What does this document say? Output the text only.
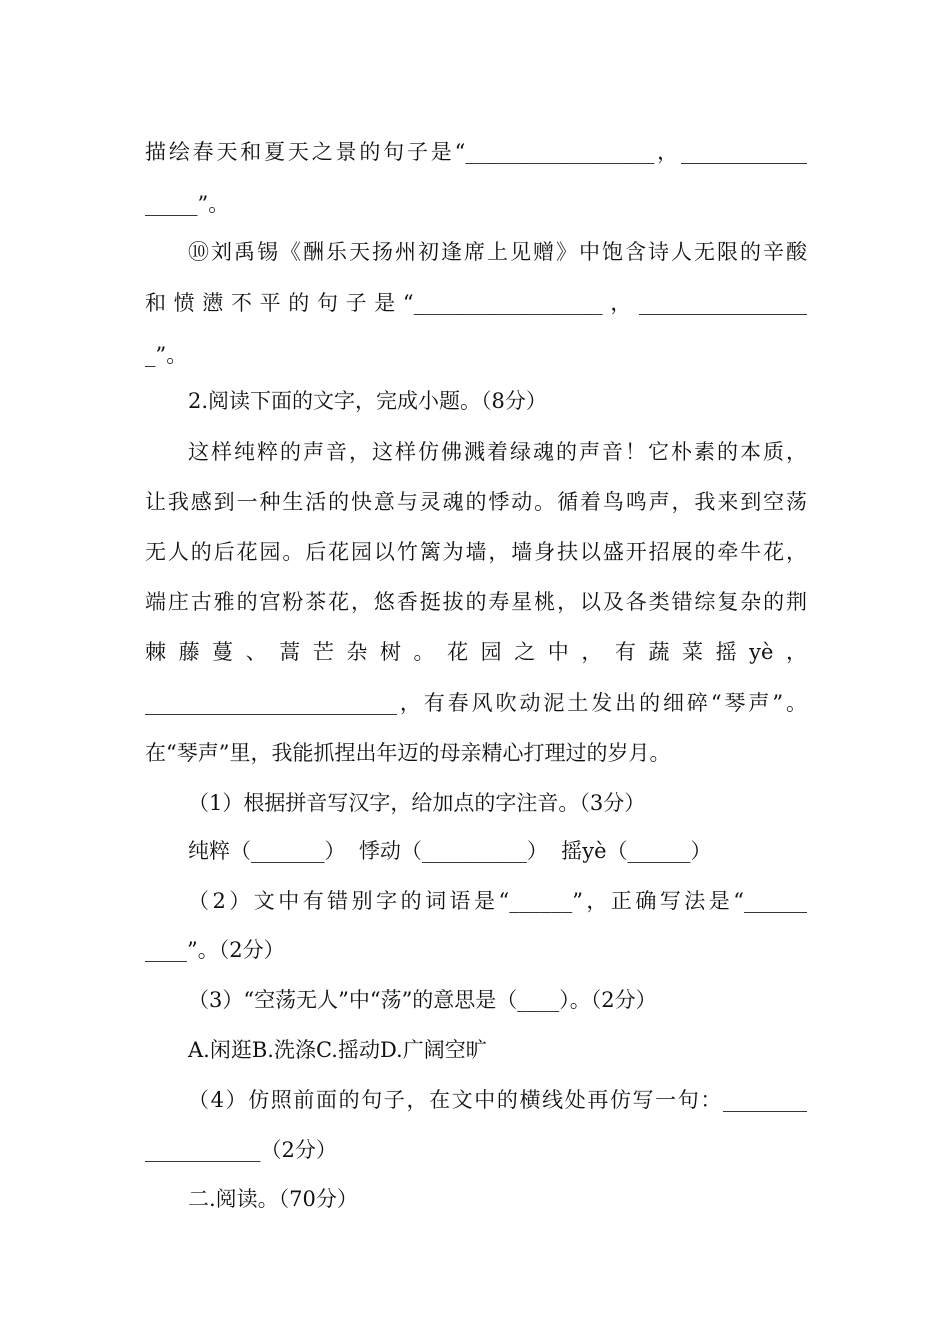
描绘春天和夏天之景的句子是“__________________，____________
_____”。
⑩刘禹锡《酬乐天扬州初逢席上见赠》中饱含诗人无限的辛酸
和愤懑不平的句子是“__________________，________________
_”。
2.阅读下面的文字，完成小题。（8分）
这样纯粹的声音，这样仿佛溅着绿魂的声音！它朴素的本质，
让我感到一种生活的快意与灵魂的悸动。循着鸟鸣声，我来到空荡
无人的后花园。后花园以竹篱为墙，墙身扶以盛开招展的牵牛花，
端庄古雅的宫粉茶花，悠香挺拔的寿星桃，以及各类错综复杂的荆
棘藤蔓、蒿芒杂树。花园之中，有蔬菜摇yè，
________________________，有春风吹动泥土发出的细碎“琴声”。
在“琴声”里，我能抓捏出年迈的母亲精心打理过的岁月。
（1）根据拼音写汉字，给加点的字注音。（3分）
纯粹（_______）  悸动（__________）  摇yè（______）
（2）文中有错别字的词语是“______”，正确写法是“______
____”。（2分）
（3）“空荡无人”中“荡”的意思是（____）。（2分）
A.闲逛B.洗涤C.摇动D.广阔空旷
（4）仿照前面的句子，在文中的横线处再仿写一句：________
___________（2分）
二.阅读。（70分）
